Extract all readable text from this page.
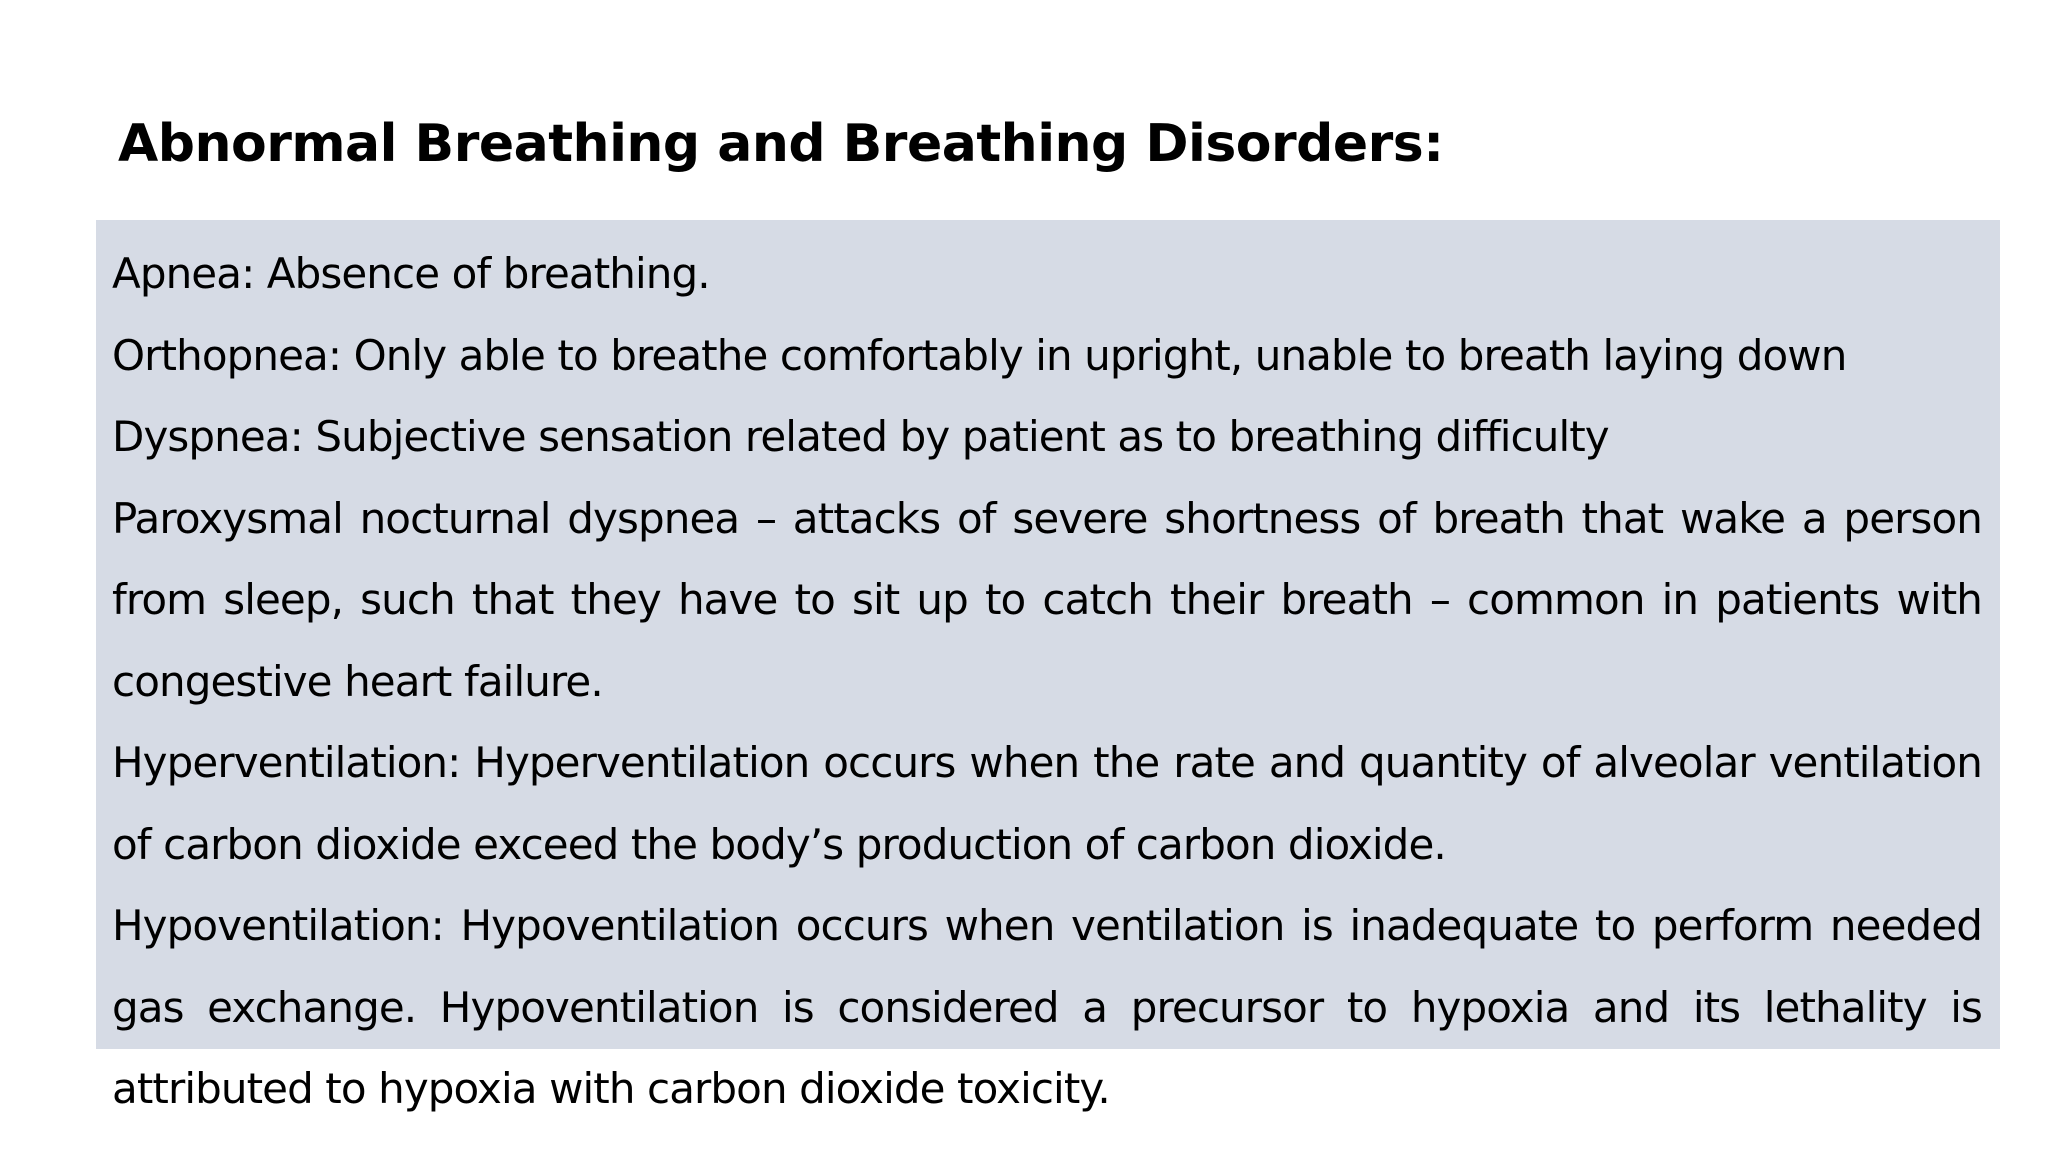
Abnormal Breathing and Breathing Disorders:

Apnea: Absence of breathing.

Orthopnea: Only able to breathe comfortably in upright, unable to breath laying down

Dyspnea: Subjective sensation related by patient as to breathing difficulty

Paroxysmal nocturnal dyspnea – attacks of severe shortness of breath that wake a person from sleep, such that they have to sit up to catch their breath – common in patients with congestive heart failure.

Hyperventilation: Hyperventilation occurs when the rate and quantity of alveolar ventilation of carbon dioxide exceed the body’s production of carbon dioxide.

Hypoventilation: Hypoventilation occurs when ventilation is inadequate to perform needed gas exchange. Hypoventilation is considered a precursor to hypoxia and its lethality is attributed to hypoxia with carbon dioxide toxicity.
